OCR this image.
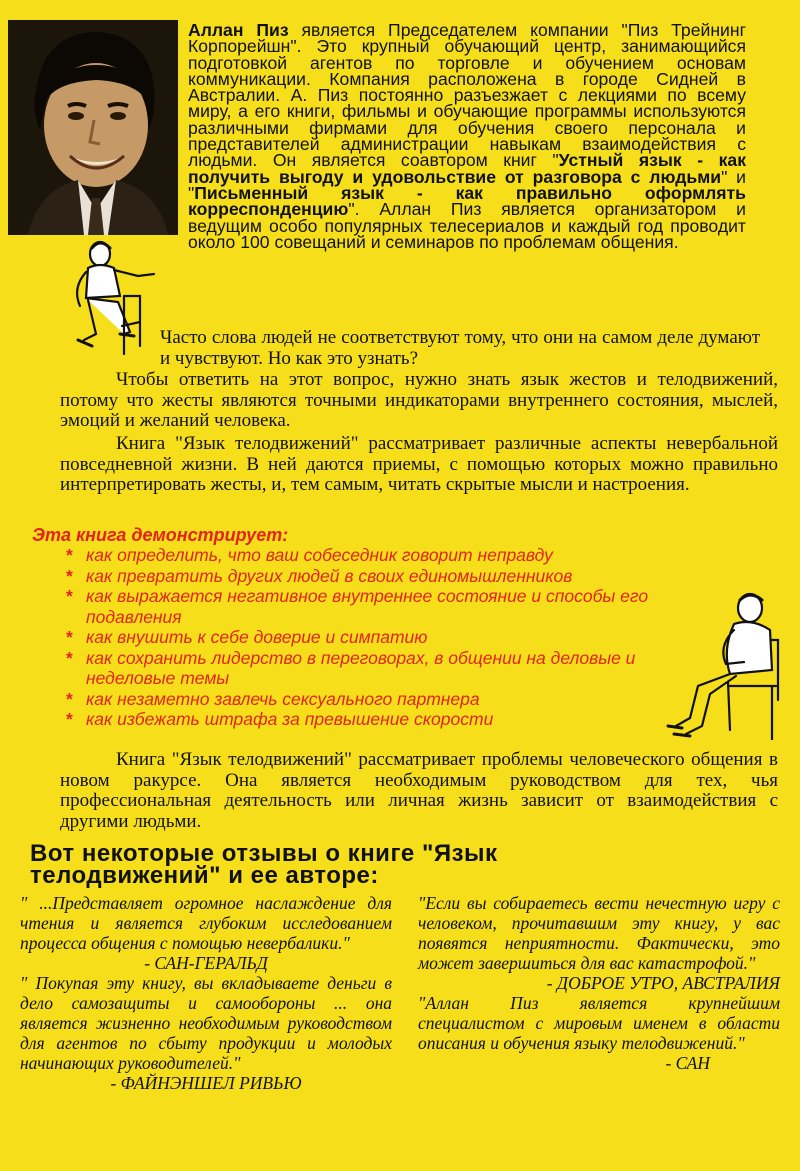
Аллан Пиз является Председателем компании "Пиз Трейнинг Корпорейшн". Это крупный обучающий центр, занимающийся подготовкой агентов по торговле и обучением основам коммуникации. Компания расположена в городе Сидней в Австралии. А. Пиз постоянно разъезжает с лекциями по всему миру, а его книги, фильмы и обучающие программы используются различными фирмами для обучения своего персонала и представителей администрации навыкам взаимодействия с людьми. Он является соавтором книг "Устный язык - как получить выгоду и удовольствие от разговора с людьми" и "Письменный язык - как правильно оформлять корреспонденцию". Аллан Пиз является организатором и ведущим особо популярных телесериалов и каждый год проводит около 100 совещаний и семинаров по проблемам общения.
Часто слова людей не соответствуют тому, что они на самом деле думают и чувствуют. Но как это узнать?
Чтобы ответить на этот вопрос, нужно знать язык жестов и телодвижений, потому что жесты являются точными индикаторами внутреннего состояния, мыслей, эмоций и желаний человека.
Книга "Язык телодвижений" рассматривает различные аспекты невербальной повседневной жизни. В ней даются приемы, с помощью которых можно правильно интерпретировать жесты, и, тем самым, читать скрытые мысли и настроения.
Эта книга демонстрирует:
* как определить, что ваш собеседник говорит неправду
* как превратить других людей в своих единомышленников
* как выражается негативное внутреннее состояние и способы его подавления
* как внушить к себе доверие и симпатию
* как сохранить лидерство в переговорах, в общении на деловые и неделовые темы
* как незаметно завлечь сексуального партнера
* как избежать штрафа за превышение скорости
Книга "Язык телодвижений" рассматривает проблемы человеческого общения в новом ракурсе. Она является необходимым руководством для тех, чья профессиональная деятельность или личная жизнь зависит от взаимодействия с другими людьми.
Вот некоторые отзывы о книге "Язык телодвижений" и ее авторе:
" ...Представляет огромное наслаждение для чтения и является глубоким исследованием процесса общения с помощью невербалики."
- САН-ГЕРАЛЬД
" Покупая эту книгу, вы вкладываете деньги в дело самозащиты и самообороны ... она является жизненно необходимым руководством для агентов по сбыту продукции и молодых начинающих руководителей."
- ФАЙНЭНШЕЛ РИВЬЮ
"Если вы собираетесь вести нечестную игру с человеком, прочитавшим эту книгу, у вас появятся неприятности. Фактически, это может завершиться для вас катастрофой."
- ДОБРОЕ УТРО, АВСТРАЛИЯ
"Аллан Пиз является крупнейшим специалистом с мировым именем в области описания и обучения языку телодвижений."
- САН
